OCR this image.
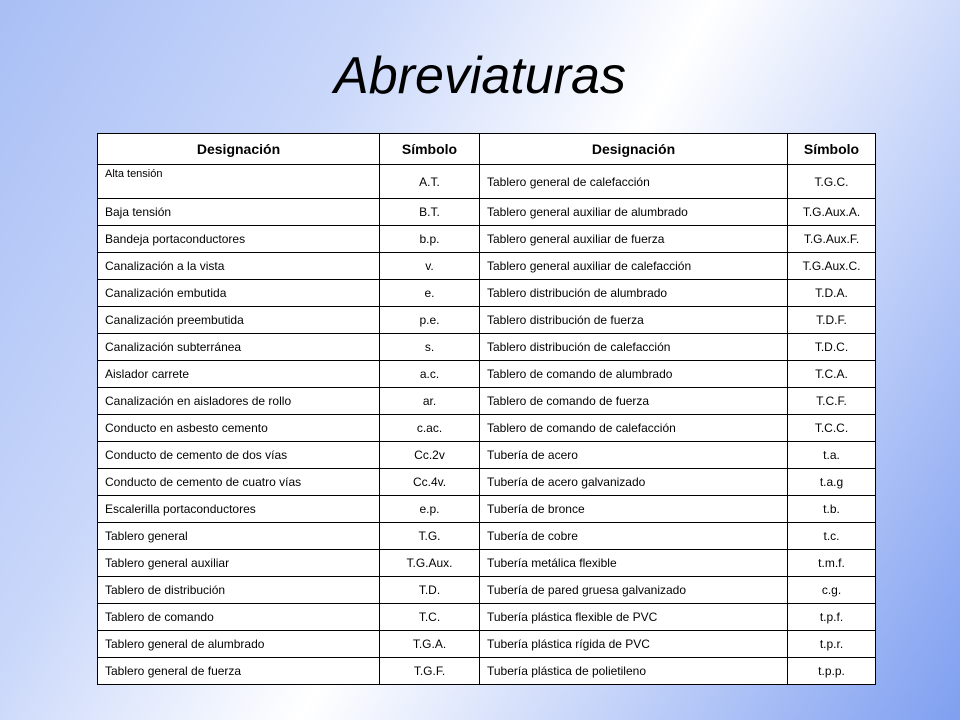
Abreviaturas
Designación	Símbolo	Designación	Símbolo
Alta tensión	A.T.	Tablero general de calefacción	T.G.C.
Baja tensión	B.T.	Tablero general auxiliar de alumbrado	T.G.Aux.A.
Bandeja portaconductores	b.p.	Tablero general auxiliar de fuerza	T.G.Aux.F.
Canalización a la vista	v.	Tablero general auxiliar de calefacción	T.G.Aux.C.
Canalización embutida	e.	Tablero distribución de alumbrado	T.D.A.
Canalización preembutida	p.e.	Tablero distribución de fuerza	T.D.F.
Canalización subterránea	s.	Tablero distribución de calefacción	T.D.C.
Aislador carrete	a.c.	Tablero de comando de alumbrado	T.C.A.
Canalización en aisladores de rollo	ar.	Tablero de comando de fuerza	T.C.F.
Conducto en asbesto cemento	c.ac.	Tablero de comando de calefacción	T.C.C.
Conducto de cemento de dos vías	Cc.2v	Tubería de acero	t.a.
Conducto de cemento de cuatro vías	Cc.4v.	Tubería de acero galvanizado	t.a.g
Escalerilla portaconductores	e.p.	Tubería de bronce	t.b.
Tablero general	T.G.	Tubería de cobre	t.c.
Tablero general auxiliar	T.G.Aux.	Tubería metálica flexible	t.m.f.
Tablero de distribución	T.D.	Tubería de pared gruesa galvanizado	c.g.
Tablero de comando	T.C.	Tubería plástica flexible de PVC	t.p.f.
Tablero general de alumbrado	T.G.A.	Tubería plástica rígida de PVC	t.p.r.
Tablero general de fuerza	T.G.F.	Tubería plástica de polietileno	t.p.p.
